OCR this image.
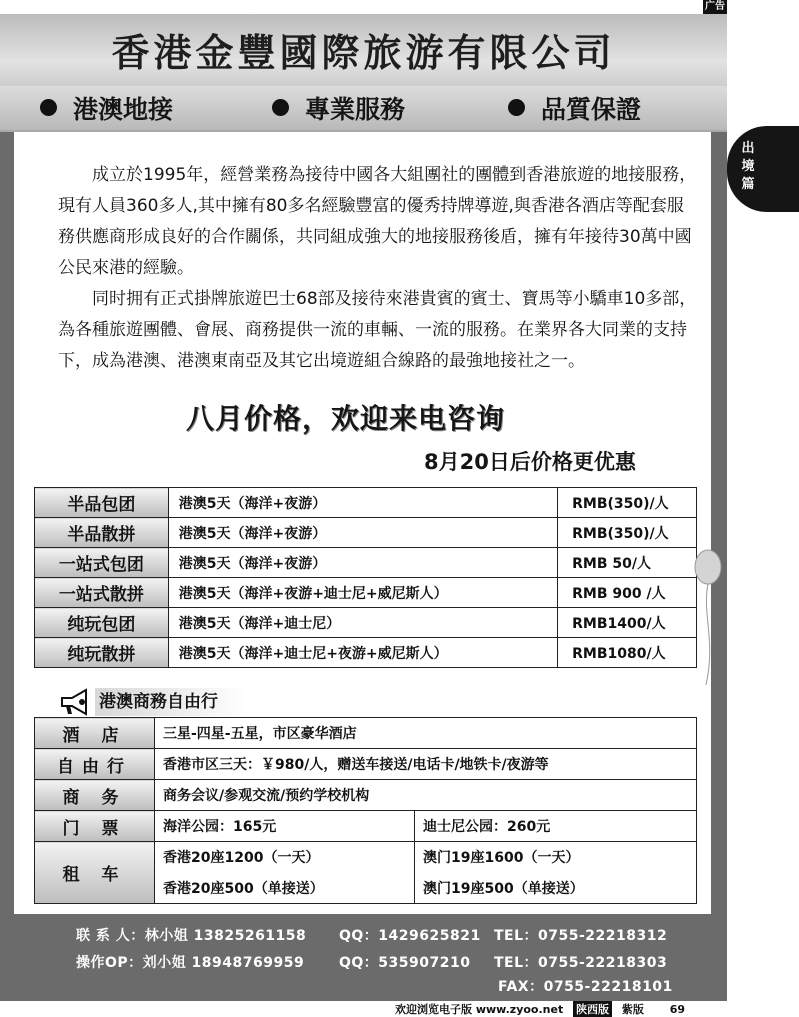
广告
出境篇
香港金豐國際旅游有限公司
港澳地接	專業服務	品質保證

成立於1995年，經營業務為接待中國各大組團社的團體到香港旅遊的地接服務，現有人員360多人,其中擁有80多名經驗豐富的優秀持牌導遊,與香港各酒店等配套服務供應商形成良好的合作關係，共同組成強大的地接服務後盾，擁有年接待30萬中國公民來港的經驗。

同时拥有正式掛牌旅遊巴士68部及接待來港貴賓的賓士、寶馬等小驕車10多部，為各種旅遊團體、會展、商務提供一流的車輛、一流的服務。在業界各大同業的支持下，成為港澳、港澳東南亞及其它出境遊組合線路的最強地接社之一。

八月价格，欢迎来电咨询
8月20日后价格更优惠
半品包团	港澳5天（海洋+夜游）	RMB(350)/人
半品散拼	港澳5天（海洋+夜游）	RMB(350)/人
一站式包团	港澳5天（海洋+夜游）	RMB 50/人
一站式散拼	港澳5天（海洋+夜游+迪士尼+威尼斯人）	RMB 900 /人
纯玩包团	港澳5天（海洋+迪士尼）	RMB1400/人
纯玩散拼	港澳5天（海洋+迪士尼+夜游+威尼斯人）	RMB1080/人
港澳商務自由行
酒 店	三星-四星-五星，市区豪华酒店	
自由行	香港市区三天：￥980/人，赠送车接送/电话卡/地铁卡/夜游等	
商 务	商务会议/参观交流/预约学校机构	
门 票	海洋公园：165元	迪士尼公园：260元
租 车	香港20座1200（一天）	澳门19座1600（一天）
	香港20座500（单接送）	澳门19座500（单接送）
联 系 人：林小姐 13825261158 QQ：1429625821 TEL：0755-22218312
操作OP：刘小姐 18948769959 QQ：535907210 TEL：0755-22218303
FAX：0755-22218101
欢迎浏览电子版 www.zyoo.net 陕西版 紫版 69
